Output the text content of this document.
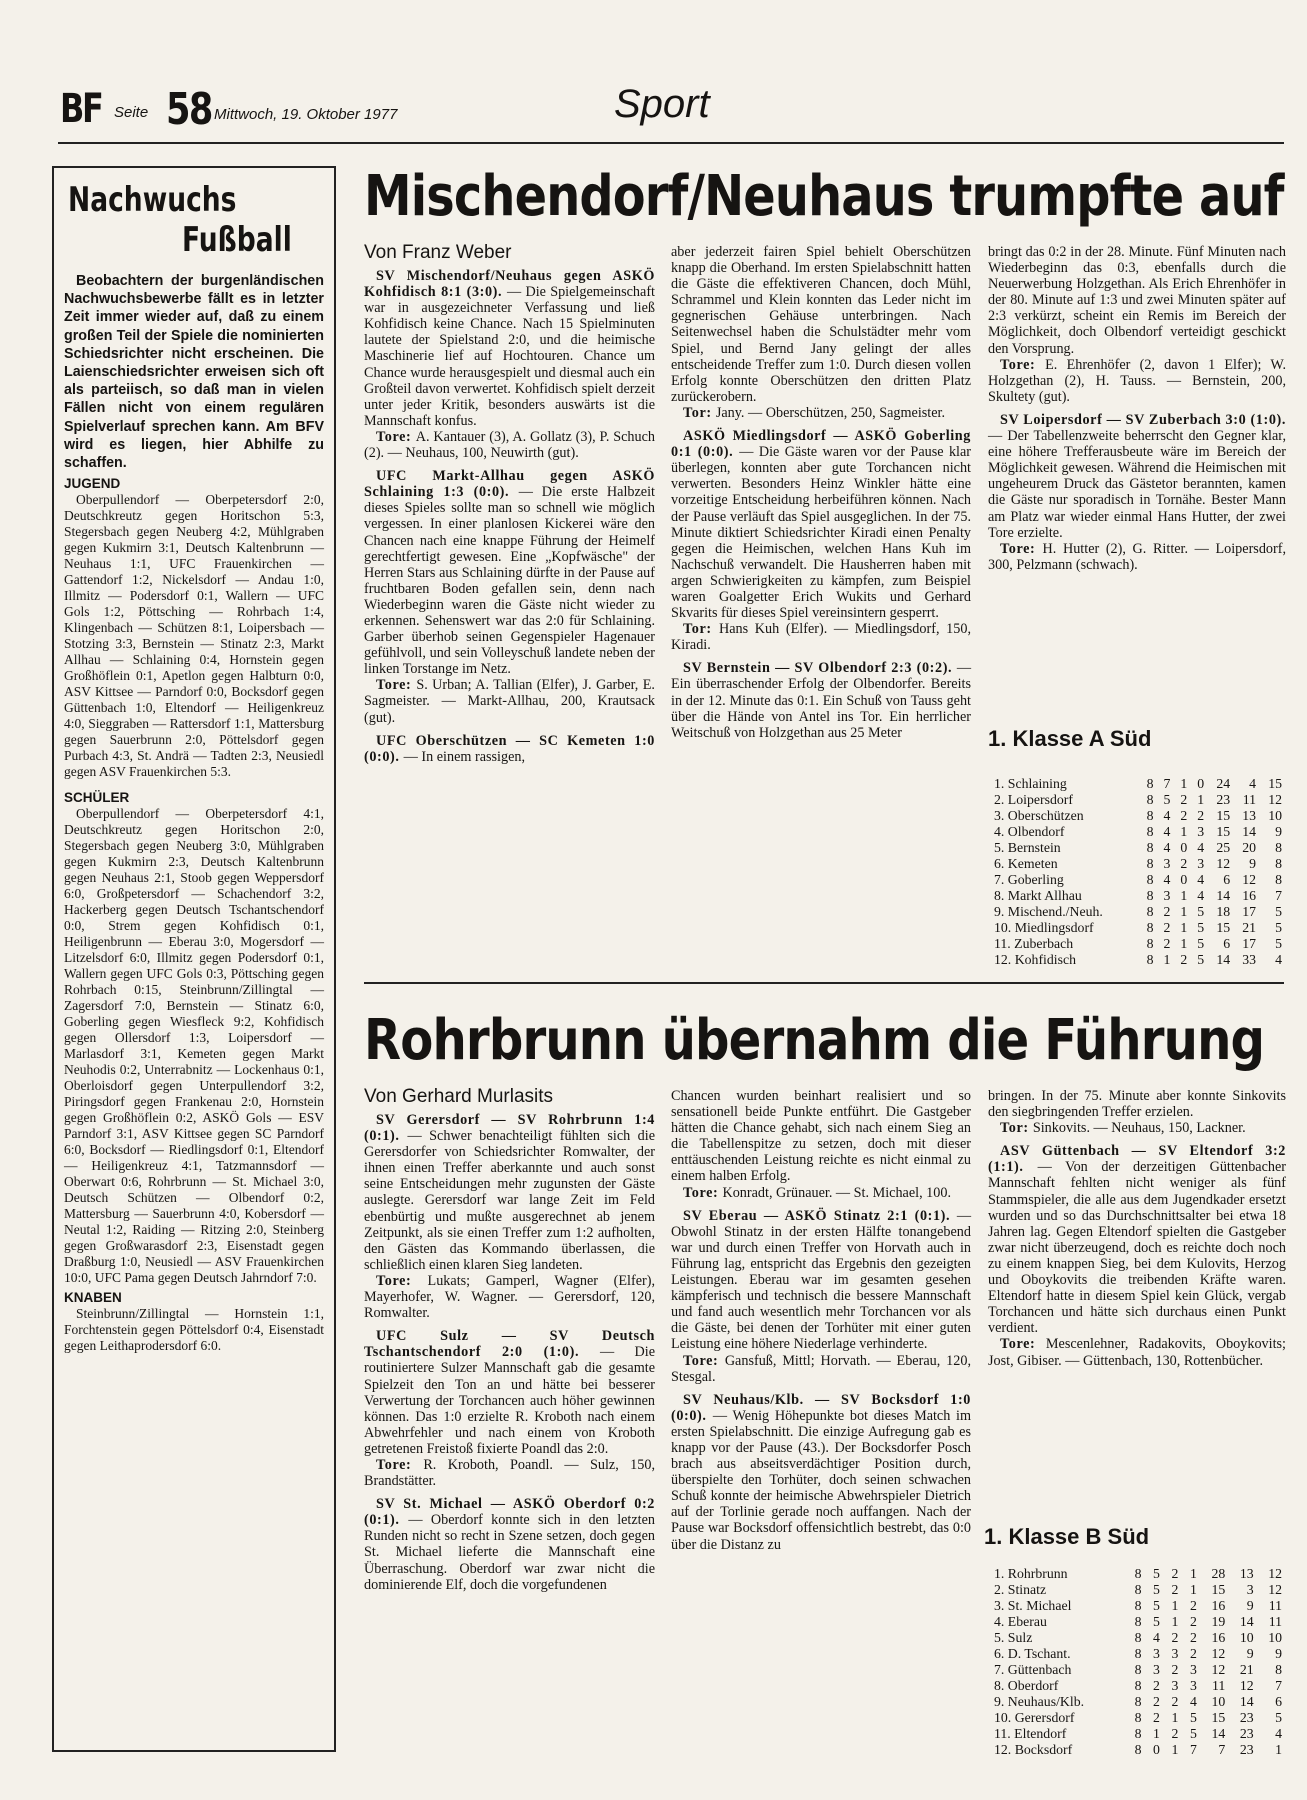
BF Seite 58 Mittwoch, 19. Oktober 1977	Sport
Nachwuchs
Fußball

Beobachtern der burgenländischen Nachwuchsbewerbe fällt es in letzter Zeit immer wieder auf, daß zu einem großen Teil der Spiele die nominierten Schiedsrichter nicht erscheinen. Die Laienschiedsrichter erweisen sich oft als parteiisch, so daß man in vielen Fällen nicht von einem regulären Spielverlauf sprechen kann. Am BFV wird es liegen, hier Abhilfe zu schaffen.

JUGEND

Oberpullendorf — Oberpetersdorf 2:0, Deutschkreutz gegen Horitschon 5:3, Stegersbach gegen Neuberg 4:2, Mühlgraben gegen Kukmirn 3:1, Deutsch Kaltenbrunn — Neuhaus 1:1, UFC Frauenkirchen — Gattendorf 1:2, Nickelsdorf — Andau 1:0, Illmitz — Podersdorf 0:1, Wallern — UFC Gols 1:2, Pöttsching — Rohrbach 1:4, Klingenbach — Schützen 8:1, Loipersbach — Stotzing 3:3, Bernstein — Stinatz 2:3, Markt Allhau — Schlaining 0:4, Hornstein gegen Großhöflein 0:1, Apetlon gegen Halbturn 0:0, ASV Kittsee — Parndorf 0:0, Bocksdorf gegen Güttenbach 1:0, Eltendorf — Heiligenkreuz 4:0, Sieggraben — Rattersdorf 1:1, Mattersburg gegen Sauerbrunn 2:0, Pöttelsdorf gegen Purbach 4:3, St. Andrä — Tadten 2:3, Neusiedl gegen ASV Frauenkirchen 5:3.

SCHÜLER

Oberpullendorf — Oberpetersdorf 4:1, Deutschkreutz gegen Horitschon 2:0, Stegersbach gegen Neuberg 3:0, Mühlgraben gegen Kukmirn 2:3, Deutsch Kaltenbrunn gegen Neuhaus 2:1, Stoob gegen Weppersdorf 6:0, Großpetersdorf — Schachendorf 3:2, Hackerberg gegen Deutsch Tschantschendorf 0:0, Strem gegen Kohfidisch 0:1, Heiligenbrunn — Eberau 3:0, Mogersdorf — Litzelsdorf 6:0, Illmitz gegen Podersdorf 0:1, Wallern gegen UFC Gols 0:3, Pöttsching gegen Rohrbach 0:15, Steinbrunn/Zillingtal — Zagersdorf 7:0, Bernstein — Stinatz 6:0, Goberling gegen Wiesfleck 9:2, Kohfidisch gegen Ollersdorf 1:3, Loipersdorf — Marlasdorf 3:1, Kemeten gegen Markt Neuhodis 0:2, Unterrabnitz — Lockenhaus 0:1, Oberloisdorf gegen Unterpullendorf 3:2, Piringsdorf gegen Frankenau 2:0, Hornstein gegen Großhöflein 0:2, ASKÖ Gols — ESV Parndorf 3:1, ASV Kittsee gegen SC Parndorf 6:0, Bocksdorf — Riedlingsdorf 0:1, Eltendorf — Heiligenkreuz 4:1, Tatzmannsdorf — Oberwart 0:6, Rohrbrunn — St. Michael 3:0, Deutsch Schützen — Olbendorf 0:2, Mattersburg — Sauerbrunn 4:0, Kobersdorf — Neutal 1:2, Raiding — Ritzing 2:0, Steinberg gegen Großwarasdorf 2:3, Eisenstadt gegen Draßburg 1:0, Neusiedl — ASV Frauenkirchen 10:0, UFC Pama gegen Deutsch Jahrndorf 7:0.

KNABEN

Steinbrunn/Zillingtal — Hornstein 1:1, Forchtenstein gegen Pöttelsdorf 0:4, Eisenstadt gegen Leithaprodersdorf 6:0.

Mischendorf/Neuhaus trumpfte auf
Von Franz Weber

SV Mischendorf/Neuhaus gegen ASKÖ Kohfidisch 8:1 (3:0). — Die Spielgemeinschaft war in ausgezeichneter Verfassung und ließ Kohfidisch keine Chance. Nach 15 Spielminuten lautete der Spielstand 2:0, und die heimische Maschinerie lief auf Hochtouren. Chance um Chance wurde herausgespielt und diesmal auch ein Großteil davon verwertet. Kohfidisch spielt derzeit unter jeder Kritik, besonders auswärts ist die Mannschaft konfus.

Tore: A. Kantauer (3), A. Gollatz (3), P. Schuch (2). — Neuhaus, 100, Neuwirth (gut).

UFC Markt-Allhau gegen ASKÖ Schlaining 1:3 (0:0). — Die erste Halbzeit dieses Spieles sollte man so schnell wie möglich vergessen. In einer planlosen Kickerei wäre den Chancen nach eine knappe Führung der Heimelf gerechtfertigt gewesen. Eine „Kopfwäsche" der Herren Stars aus Schlaining dürfte in der Pause auf fruchtbaren Boden gefallen sein, denn nach Wiederbeginn waren die Gäste nicht wieder zu erkennen. Sehenswert war das 2:0 für Schlaining. Garber überhob seinen Gegenspieler Hagenauer gefühlvoll, und sein Volleyschuß landete neben der linken Torstange im Netz.

Tore: S. Urban; A. Tallian (Elfer), J. Garber, E. Sagmeister. — Markt-Allhau, 200, Krautsack (gut).

UFC Oberschützen — SC Kemeten 1:0 (0:0). — In einem rassigen,

aber jederzeit fairen Spiel behielt Oberschützen knapp die Oberhand. Im ersten Spielabschnitt hatten die Gäste die effektiveren Chancen, doch Mühl, Schrammel und Klein konnten das Leder nicht im gegnerischen Gehäuse unterbringen. Nach Seitenwechsel haben die Schulstädter mehr vom Spiel, und Bernd Jany gelingt der alles entscheidende Treffer zum 1:0. Durch diesen vollen Erfolg konnte Oberschützen den dritten Platz zurückerobern.

Tor: Jany. — Oberschützen, 250, Sagmeister.

ASKÖ Miedlingsdorf — ASKÖ Goberling 0:1 (0:0). — Die Gäste waren vor der Pause klar überlegen, konnten aber gute Torchancen nicht verwerten. Besonders Heinz Winkler hätte eine vorzeitige Entscheidung herbeiführen können. Nach der Pause verläuft das Spiel ausgeglichen. In der 75. Minute diktiert Schiedsrichter Kiradi einen Penalty gegen die Heimischen, welchen Hans Kuh im Nachschuß verwandelt. Die Hausherren haben mit argen Schwierigkeiten zu kämpfen, zum Beispiel waren Goalgetter Erich Wukits und Gerhard Skvarits für dieses Spiel vereinsintern gesperrt.

Tor: Hans Kuh (Elfer). — Miedlingsdorf, 150, Kiradi.

SV Bernstein — SV Olbendorf 2:3 (0:2). — Ein überraschender Erfolg der Olbendorfer. Bereits in der 12. Minute das 0:1. Ein Schuß von Tauss geht über die Hände von Antel ins Tor. Ein herrlicher Weitschuß von Holzgethan aus 25 Meter

bringt das 0:2 in der 28. Minute. Fünf Minuten nach Wiederbeginn das 0:3, ebenfalls durch die Neuerwerbung Holzgethan. Als Erich Ehrenhöfer in der 80. Minute auf 1:3 und zwei Minuten später auf 2:3 verkürzt, scheint ein Remis im Bereich der Möglichkeit, doch Olbendorf verteidigt geschickt den Vorsprung.

Tore: E. Ehrenhöfer (2, davon 1 Elfer); W. Holzgethan (2), H. Tauss. — Bernstein, 200, Skultety (gut).

SV Loipersdorf — SV Zuberbach 3:0 (1:0). — Der Tabellenzweite beherrscht den Gegner klar, eine höhere Trefferausbeute wäre im Bereich der Möglichkeit gewesen. Während die Heimischen mit ungeheurem Druck das Gästetor berannten, kamen die Gäste nur sporadisch in Tornähe. Bester Mann am Platz war wieder einmal Hans Hutter, der zwei Tore erzielte.

Tore: H. Hutter (2), G. Ritter. — Loipersdorf, 300, Pelzmann (schwach).

1. Klasse A Süd
1. Schlaining	8	7	1	0	24	4	15
2. Loipersdorf	8	5	2	1	23	11	12
3. Oberschützen	8	4	2	2	15	13	10
4. Olbendorf	8	4	1	3	15	14	9
5. Bernstein	8	4	0	4	25	20	8
6. Kemeten	8	3	2	3	12	9	8
7. Goberling	8	4	0	4	6	12	8
8. Markt Allhau	8	3	1	4	14	16	7
9. Mischend./Neuh.	8	2	1	5	18	17	5
10. Miedlingsdorf	8	2	1	5	15	21	5
11. Zuberbach	8	2	1	5	6	17	5
12. Kohfidisch	8	1	2	5	14	33	4
Rohrbrunn übernahm die Führung
Von Gerhard Murlasits

SV Gerersdorf — SV Rohrbrunn 1:4 (0:1). — Schwer benachteiligt fühlten sich die Gerersdorfer von Schiedsrichter Romwalter, der ihnen einen Treffer aberkannte und auch sonst seine Entscheidungen mehr zugunsten der Gäste auslegte. Gerersdorf war lange Zeit im Feld ebenbürtig und mußte ausgerechnet ab jenem Zeitpunkt, als sie einen Treffer zum 1:2 aufholten, den Gästen das Kommando überlassen, die schließlich einen klaren Sieg landeten.

Tore: Lukats; Gamperl, Wagner (Elfer), Mayerhofer, W. Wagner. — Gerersdorf, 120, Romwalter.

UFC Sulz — SV Deutsch Tschantschendorf 2:0 (1:0). — Die routiniertere Sulzer Mannschaft gab die gesamte Spielzeit den Ton an und hätte bei besserer Verwertung der Torchancen auch höher gewinnen können. Das 1:0 erzielte R. Kroboth nach einem Abwehrfehler und nach einem von Kroboth getretenen Freistoß fixierte Poandl das 2:0.

Tore: R. Kroboth, Poandl. — Sulz, 150, Brandstätter.

SV St. Michael — ASKÖ Oberdorf 0:2 (0:1). — Oberdorf konnte sich in den letzten Runden nicht so recht in Szene setzen, doch gegen St. Michael lieferte die Mannschaft eine Überraschung. Oberdorf war zwar nicht die dominierende Elf, doch die vorgefundenen

Chancen wurden beinhart realisiert und so sensationell beide Punkte entführt. Die Gastgeber hätten die Chance gehabt, sich nach einem Sieg an die Tabellenspitze zu setzen, doch mit dieser enttäuschenden Leistung reichte es nicht einmal zu einem halben Erfolg.

Tore: Konradt, Grünauer. — St. Michael, 100.

SV Eberau — ASKÖ Stinatz 2:1 (0:1). — Obwohl Stinatz in der ersten Hälfte tonangebend war und durch einen Treffer von Horvath auch in Führung lag, entspricht das Ergebnis den gezeigten Leistungen. Eberau war im gesamten gesehen kämpferisch und technisch die bessere Mannschaft und fand auch wesentlich mehr Torchancen vor als die Gäste, bei denen der Torhüter mit einer guten Leistung eine höhere Niederlage verhinderte.

Tore: Gansfuß, Mittl; Horvath. — Eberau, 120, Stesgal.

SV Neuhaus/Klb. — SV Bocksdorf 1:0 (0:0). — Wenig Höhepunkte bot dieses Match im ersten Spielabschnitt. Die einzige Aufregung gab es knapp vor der Pause (43.). Der Bocksdorfer Posch brach aus abseitsverdächtiger Position durch, überspielte den Torhüter, doch seinen schwachen Schuß konnte der heimische Abwehrspieler Dietrich auf der Torlinie gerade noch auffangen. Nach der Pause war Bocksdorf offensichtlich bestrebt, das 0:0 über die Distanz zu

bringen. In der 75. Minute aber konnte Sinkovits den siegbringenden Treffer erzielen.

Tor: Sinkovits. — Neuhaus, 150, Lackner.

ASV Güttenbach — SV Eltendorf 3:2 (1:1). — Von der derzeitigen Güttenbacher Mannschaft fehlten nicht weniger als fünf Stammspieler, die alle aus dem Jugendkader ersetzt wurden und so das Durchschnittsalter bei etwa 18 Jahren lag. Gegen Eltendorf spielten die Gastgeber zwar nicht überzeugend, doch es reichte doch noch zu einem knappen Sieg, bei dem Kulovits, Herzog und Oboykovits die treibenden Kräfte waren. Eltendorf hatte in diesem Spiel kein Glück, vergab Torchancen und hätte sich durchaus einen Punkt verdient.

Tore: Mescenlehner, Radakovits, Oboykovits; Jost, Gibiser. — Güttenbach, 130, Rottenbücher.

1. Klasse B Süd
1. Rohrbrunn	8	5	2	1	28	13	12
2. Stinatz	8	5	2	1	15	3	12
3. St. Michael	8	5	1	2	16	9	11
4. Eberau	8	5	1	2	19	14	11
5. Sulz	8	4	2	2	16	10	10
6. D. Tschant.	8	3	3	2	12	9	9
7. Güttenbach	8	3	2	3	12	21	8
8. Oberdorf	8	2	3	3	11	12	7
9. Neuhaus/Klb.	8	2	2	4	10	14	6
10. Gerersdorf	8	2	1	5	15	23	5
11. Eltendorf	8	1	2	5	14	23	4
12. Bocksdorf	8	0	1	7	7	23	1
